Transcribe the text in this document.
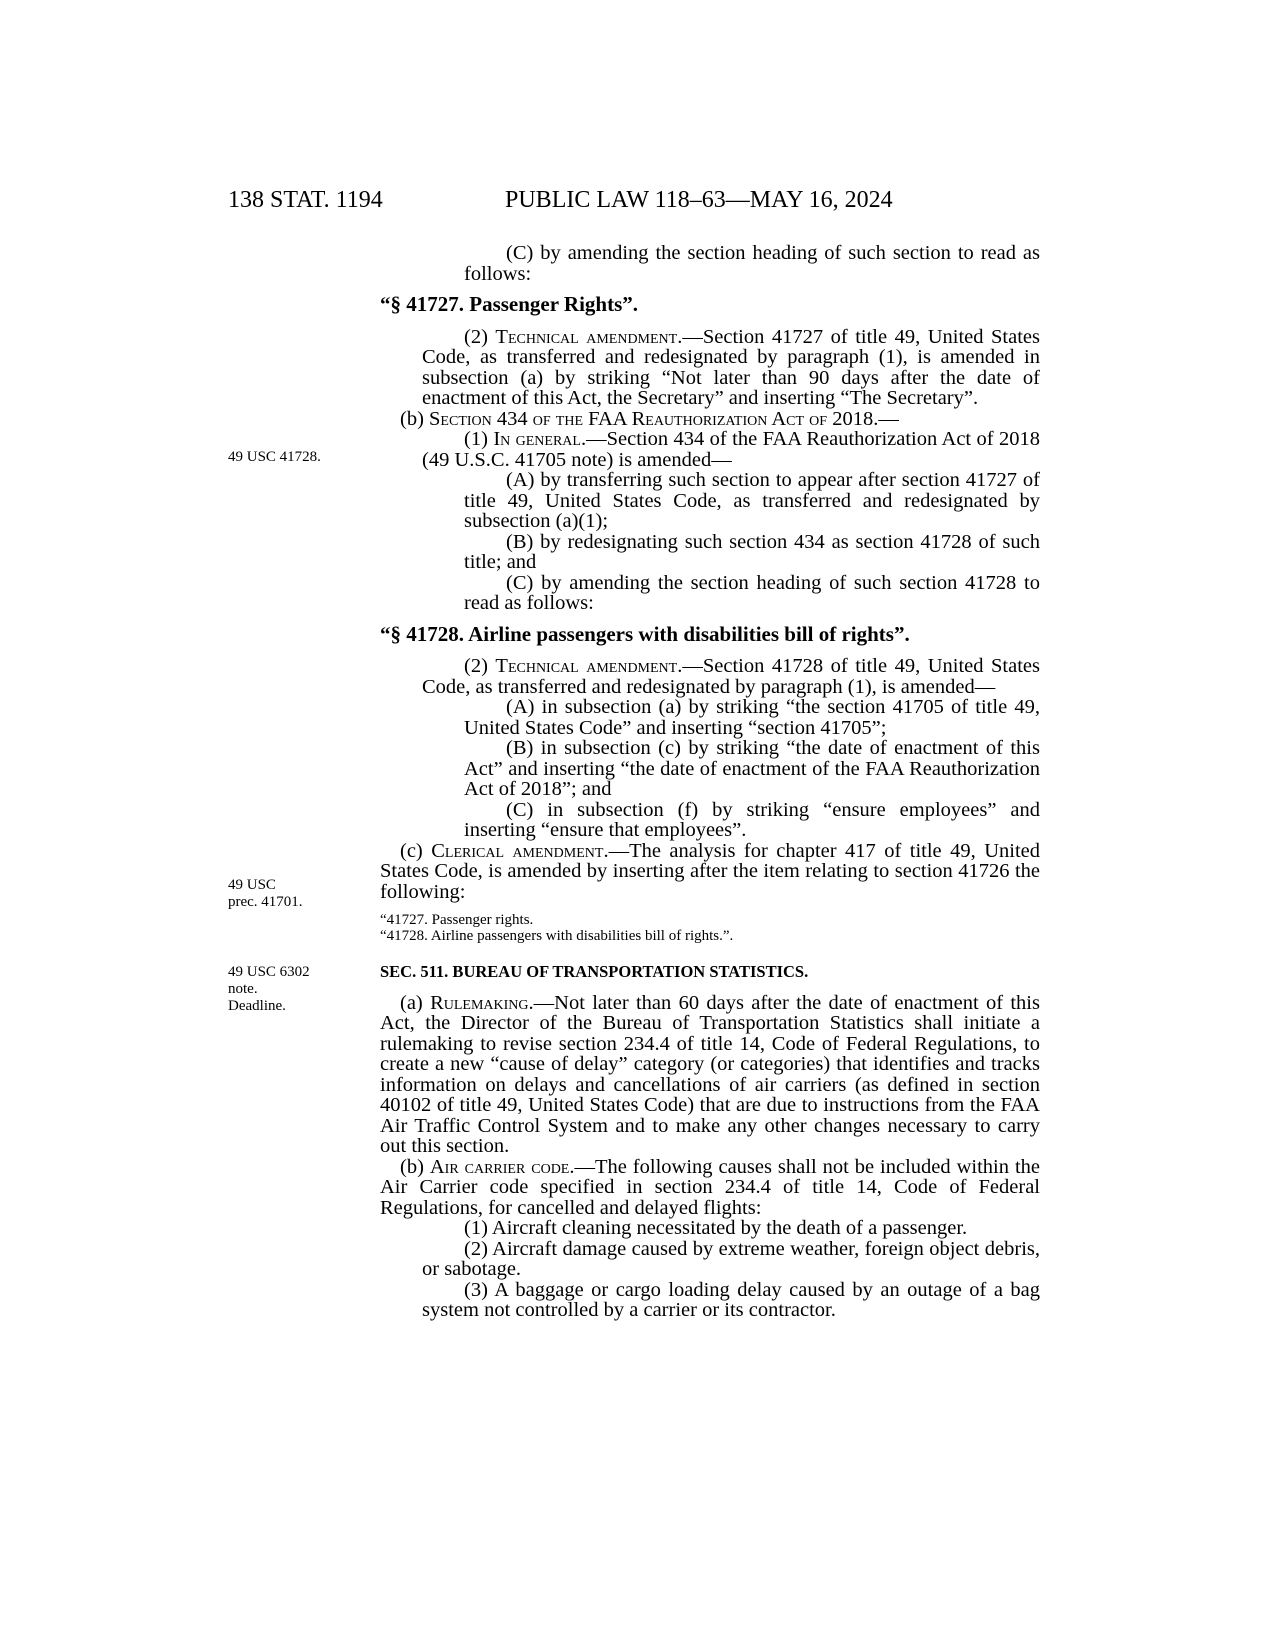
138 STAT. 1194	PUBLIC LAW 118–63—MAY 16, 2024
49 USC 41728.
49 USC
prec. 41701.
49 USC 6302
note.
Deadline.

(C) by amending the section heading of such section to read as follows:

“§ 41727. Passenger Rights”.

(2) Technical amendment.—Section 41727 of title 49, United States Code, as transferred and redesignated by paragraph (1), is amended in subsection (a) by striking “Not later than 90 days after the date of enactment of this Act, the Secretary” and inserting “The Secretary”.

(b) Section 434 of the FAA Reauthorization Act of 2018.—

(1) In general.—Section 434 of the FAA Reauthorization Act of 2018 (49 U.S.C. 41705 note) is amended—

(A) by transferring such section to appear after section 41727 of title 49, United States Code, as transferred and redesignated by subsection (a)(1);

(B) by redesignating such section 434 as section 41728 of such title; and

(C) by amending the section heading of such section 41728 to read as follows:

“§ 41728. Airline passengers with disabilities bill of rights”.

(2) Technical amendment.—Section 41728 of title 49, United States Code, as transferred and redesignated by paragraph (1), is amended—

(A) in subsection (a) by striking “the section 41705 of title 49, United States Code” and inserting “section 41705”;

(B) in subsection (c) by striking “the date of enactment of this Act” and inserting “the date of enactment of the FAA Reauthorization Act of 2018”; and

(C) in subsection (f) by striking “ensure employees” and inserting “ensure that employees”.

(c) Clerical amendment.—The analysis for chapter 417 of title 49, United States Code, is amended by inserting after the item relating to section 41726 the following:

“41727. Passenger rights.
“41728. Airline passengers with disabilities bill of rights.”.
SEC. 511. BUREAU OF TRANSPORTATION STATISTICS.

(a) Rulemaking.—Not later than 60 days after the date of enactment of this Act, the Director of the Bureau of Transportation Statistics shall initiate a rulemaking to revise section 234.4 of title 14, Code of Federal Regulations, to create a new “cause of delay” category (or categories) that identifies and tracks information on delays and cancellations of air carriers (as defined in section 40102 of title 49, United States Code) that are due to instructions from the FAA Air Traffic Control System and to make any other changes necessary to carry out this section.

(b) Air carrier code.—The following causes shall not be included within the Air Carrier code specified in section 234.4 of title 14, Code of Federal Regulations, for cancelled and delayed flights:

(1) Aircraft cleaning necessitated by the death of a passenger.

(2) Aircraft damage caused by extreme weather, foreign object debris, or sabotage.

(3) A baggage or cargo loading delay caused by an outage of a bag system not controlled by a carrier or its contractor.
